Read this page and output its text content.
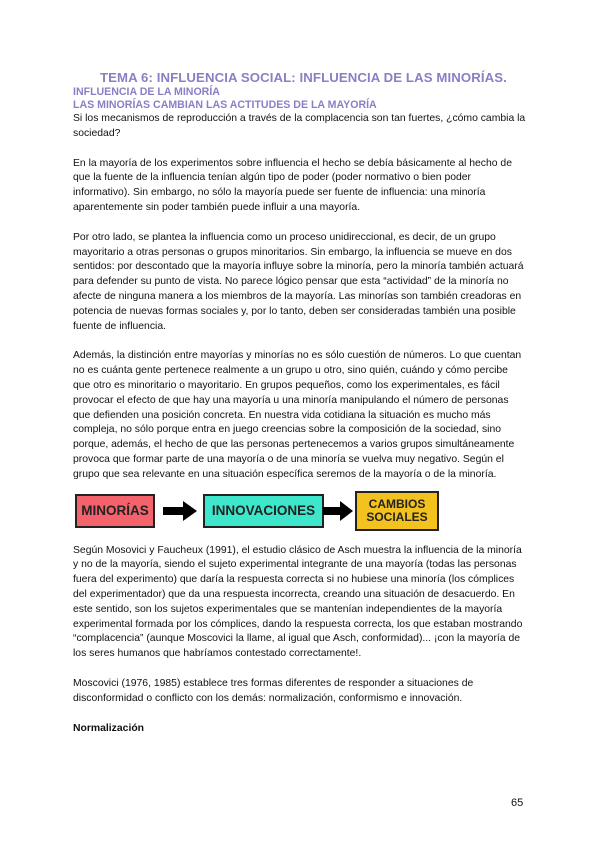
TEMA 6: INFLUENCIA SOCIAL: INFLUENCIA DE LAS MINORÍAS.
INFLUENCIA DE LA MINORÍA
LAS MINORÍAS CAMBIAN LAS ACTITUDES DE LA MAYORÍA

Si los mecanismos de reproducción a través de la complacencia son tan fuertes, ¿cómo cambia la sociedad?

En la mayoría de los experimentos sobre influencia el hecho se debía básicamente al hecho de que la fuente de la influencia tenían algún tipo de poder (poder normativo o bien poder informativo). Sin embargo, no sólo la mayoría puede ser fuente de influencia: una minoría aparentemente sin poder también puede influir a una mayoría.

Por otro lado, se plantea la influencia como un proceso unidireccional, es decir, de un grupo mayoritario a otras personas o grupos minoritarios. Sin embargo, la influencia se mueve en dos sentidos: por descontado que la mayoría influye sobre la minoría, pero la minoría también actuará para defender su punto de vista. No parece lógico pensar que esta “actividad” de la minoría no afecte de ninguna manera a los miembros de la mayoría. Las minorías son también creadoras en potencia de nuevas formas sociales y, por lo tanto, deben ser consideradas también una posible fuente de influencia.

Además, la distinción entre mayorías y minorías no es sólo cuestión de números. Lo que cuentan no es cuánta gente pertenece realmente a un grupo u otro, sino quién, cuándo y cómo percibe que otro es minoritario o mayoritario. En grupos pequeños, como los experimentales, es fácil provocar el efecto de que hay una mayoría u una minoría manipulando el número de personas que defienden una posición concreta. En nuestra vida cotidiana la situación es mucho más compleja, no sólo porque entra en juego creencias sobre la composición de la sociedad, sino porque, además, el hecho de que las personas pertenecemos a varios grupos simultáneamente provoca que formar parte de una mayoría o de una minoría se vuelva muy negativo. Según el grupo que sea relevante en una situación específica seremos de la mayoría o de la minoría.

MINORÍAS	INNOVACIONES	CAMBIOS SOCIALES

Según Mosovici y Faucheux (1991), el estudio clásico de Asch muestra la influencia de la minoría y no de la mayoría, siendo el sujeto experimental integrante de una mayoría (todas las personas fuera del experimento) que daría la respuesta correcta si no hubiese una minoría (los cómplices del experimentador) que da una respuesta incorrecta, creando una situación de desacuerdo. En este sentido, son los sujetos experimentales que se mantenían independientes de la mayoría experimental formada por los cómplices, dando la respuesta correcta, los que estaban mostrando “complacencia” (aunque Moscovici la llame, al igual que Asch, conformidad)... ¡con la mayoría de los seres humanos que habríamos contestado correctamente!.

Moscovici (1976, 1985) establece tres formas diferentes de responder a situaciones de disconformidad o conflicto con los demás: normalización, conformismo e innovación.

Normalización
65
